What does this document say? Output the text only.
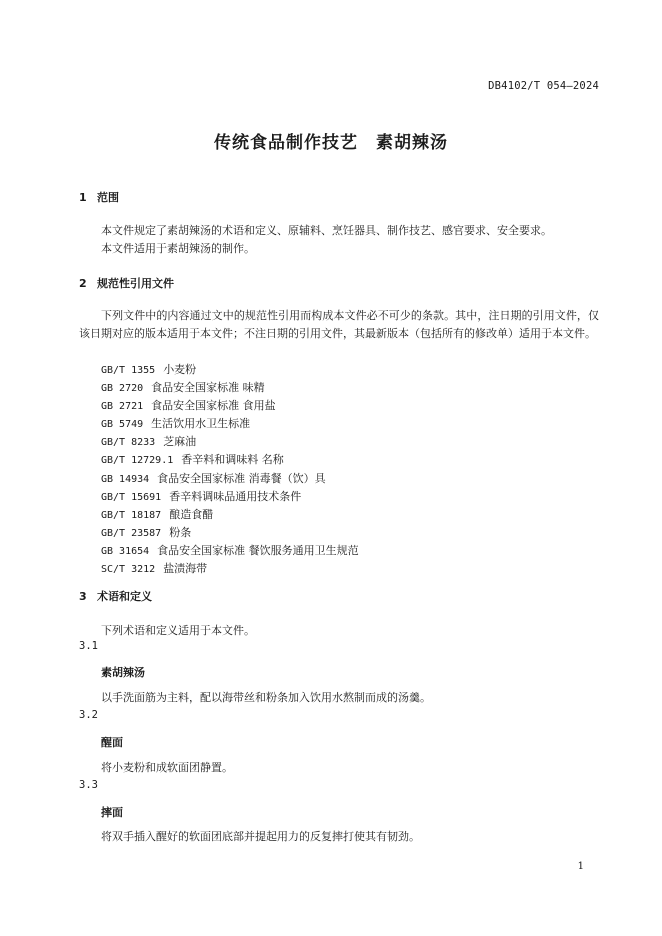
DB4102/T 054—2024
传统食品制作技艺　素胡辣汤
1 范围
本文件规定了素胡辣汤的术语和定义、原辅料、烹饪器具、制作技艺、感官要求、安全要求。
本文件适用于素胡辣汤的制作。
2 规范性引用文件
下列文件中的内容通过文中的规范性引用而构成本文件必不可少的条款。其中，注日期的引用文件，仅该日期对应的版本适用于本文件；不注日期的引用文件，其最新版本（包括所有的修改单）适用于本文件。
GB/T 1355 小麦粉
GB 2720 食品安全国家标准 味精
GB 2721 食品安全国家标准 食用盐
GB 5749 生活饮用水卫生标准
GB/T 8233 芝麻油
GB/T 12729.1 香辛料和调味料 名称
GB 14934 食品安全国家标准 消毒餐（饮）具
GB/T 15691 香辛料调味品通用技术条件
GB/T 18187 酿造食醋
GB/T 23587 粉条
GB 31654 食品安全国家标准 餐饮服务通用卫生规范
SC/T 3212 盐渍海带
3 术语和定义
下列术语和定义适用于本文件。
3.1
素胡辣汤
以手洗面筋为主料，配以海带丝和粉条加入饮用水熬制而成的汤羹。
3.2
醒面
将小麦粉和成软面团静置。
3.3
摔面
将双手插入醒好的软面团底部并提起用力的反复摔打使其有韧劲。
1
